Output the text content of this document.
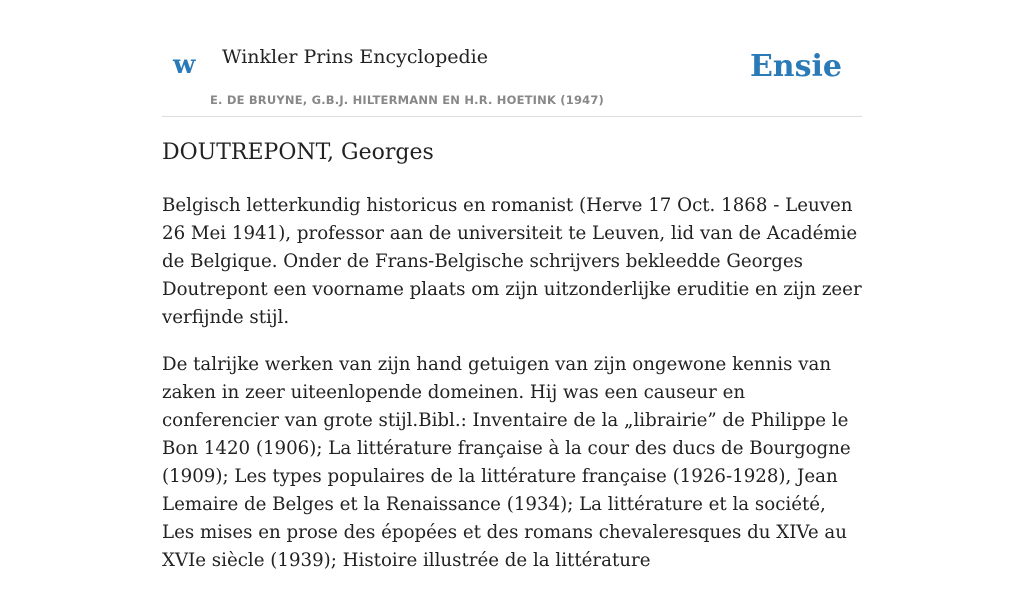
w Winkler Prins Encyclopedie
E. DE BRUYNE, G.B.J. HILTERMANN EN H.R. HOETINK (1947)
Ensie
DOUTREPONT, Georges

Belgisch letterkundig historicus en romanist (Herve 17 Oct. 1868 - Leuven 26 Mei 1941), professor aan de universiteit te Leuven, lid van de Académie de Belgique. Onder de Frans-Belgische schrijvers bekleedde Georges Doutrepont een voorname plaats om zijn uitzonderlijke eruditie en zijn zeer verfijnde stijl.

De talrijke werken van zijn hand getuigen van zijn ongewone kennis van zaken in zeer uiteenlopende domeinen. Hij was een causeur en conferencier van grote stijl.Bibl.: Inventaire de la „librairie” de Philippe le Bon 1420 (1906); La littérature française à la cour des ducs de Bourgogne (1909); Les types populaires de la littérature française (1926-1928), Jean Lemaire de Belges et la Renaissance (1934); La littérature et la société, Les mises en prose des épopées et des romans chevaleresques du XIVe au XVIe siècle (1939); Histoire illustrée de la littérature
